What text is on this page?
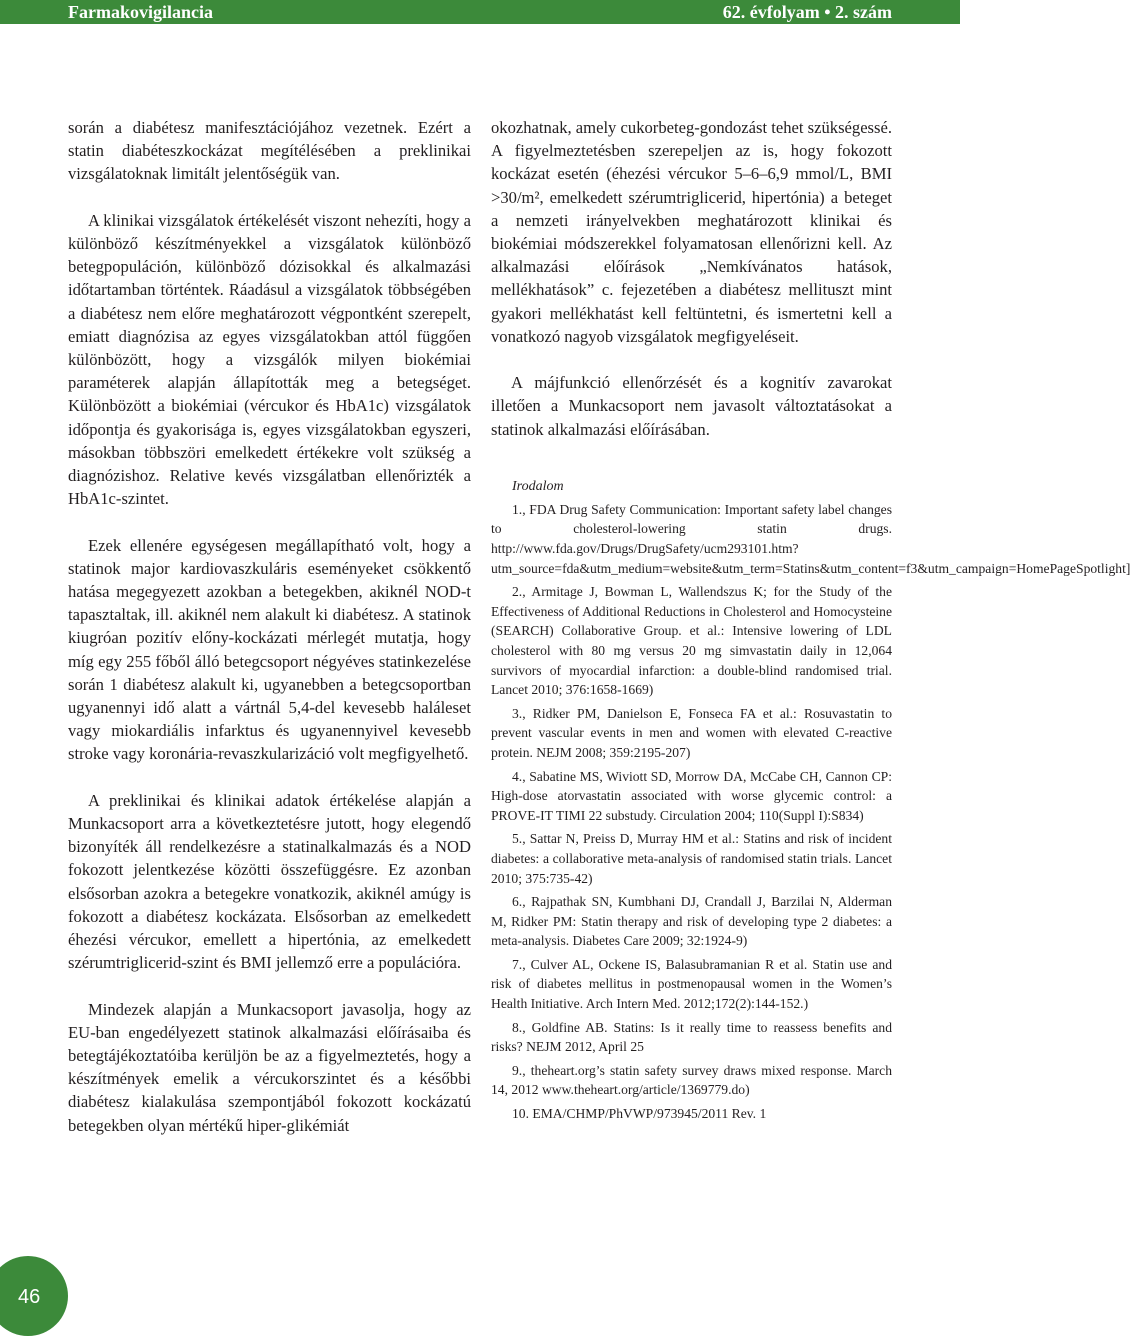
Farmakovigilancia	62. évfolyam • 2. szám

során a diabétesz manifesztációjához vezetnek. Ezért a statin diabéteszkockázat megítélésében a preklinikai vizsgálatoknak limitált jelentőségük van.

A klinikai vizsgálatok értékelését viszont nehezíti, hogy a különböző készítményekkel a vizsgálatok különböző betegpopuláción, különböző dózisokkal és alkalmazási időtartamban történtek. Ráadásul a vizsgálatok többségében a diabétesz nem előre meghatározott végpontként szerepelt, emiatt diagnózisa az egyes vizsgálatokban attól függően különbözött, hogy a vizsgálók milyen biokémiai paraméterek alapján állapították meg a betegséget. Különbözött a biokémiai (vércukor és HbA1c) vizsgálatok időpontja és gyakorisága is, egyes vizsgálatokban egyszeri, másokban többszöri emelkedett értékekre volt szükség a diagnózishoz. Relative kevés vizsgálatban ellenőrizték a HbA1c-szintet.

Ezek ellenére egységesen megállapítható volt, hogy a statinok major kardiovaszkuláris eseményeket csökkentő hatása megegyezett azokban a betegekben, akiknél NOD-t tapasztaltak, ill. akiknél nem alakult ki diabétesz. A statinok kiugróan pozitív előny-kockázati mérlegét mutatja, hogy míg egy 255 főből álló betegcsoport négyéves statinkezelése során 1 diabétesz alakult ki, ugyanebben a betegcsoportban ugyanennyi idő alatt a vártnál 5,4-del kevesebb haláleset vagy miokardiális infarktus és ugyanennyivel kevesebb stroke vagy koronária-revaszkularizáció volt megfigyelhető.

A preklinikai és klinikai adatok értékelése alapján a Munkacsoport arra a következtetésre jutott, hogy elegendő bizonyíték áll rendelkezésre a statinalkalmazás és a NOD fokozott jelentkezése közötti összefüggésre. Ez azonban elsősorban azokra a betegekre vonatkozik, akiknél amúgy is fokozott a diabétesz kockázata. Elsősorban az emelkedett éhezési vércukor, emellett a hipertónia, az emelkedett szérumtriglicerid-szint és BMI jellemző erre a populációra.

Mindezek alapján a Munkacsoport javasolja, hogy az EU-ban engedélyezett statinok alkalmazási előírásaiba és betegtájékoztatóiba kerüljön be az a figyelmeztetés, hogy a készítmények emelik a vércukorszintet és a későbbi diabétesz kialakulása szempontjából fokozott kockázatú betegekben olyan mértékű hiper-glikémiát

okozhatnak, amely cukorbeteg-gondozást tehet szükségessé. A figyelmeztetésben szerepeljen az is, hogy fokozott kockázat esetén (éhezési vércukor 5–6–6,9 mmol/L, BMI >30/m², emelkedett szérumtriglicerid, hipertónia) a beteget a nemzeti irányelvekben meghatározott klinikai és biokémiai módszerekkel folyamatosan ellenőrizni kell. Az alkalmazási előírások „Nemkívánatos hatások, mellékhatások” c. fejezetében a diabétesz mellituszt mint gyakori mellékhatást kell feltüntetni, és ismertetni kell a vonatkozó nagyob vizsgálatok megfigyeléseit.

A májfunkció ellenőrzését és a kognitív zavarokat illetően a Munkacsoport nem javasolt változtatásokat a statinok alkalmazási előírásában.

Irodalom
1., FDA Drug Safety Communication: Important safety label changes to cholesterol-lowering statin drugs. http://www.fda.gov/Drugs/DrugSafety/ucm293101.htm?utm_source=fda&utm_medium=website&utm_term=Statins&utm_content=f3&utm_campaign=HomePageSpotlight]
2., Armitage J, Bowman L, Wallendszus K; for the Study of the Effectiveness of Additional Reductions in Cholesterol and Homocysteine (SEARCH) Collaborative Group. et al.: Intensive lowering of LDL cholesterol with 80 mg versus 20 mg simvastatin daily in 12,064 survivors of myocardial infarction: a double-blind randomised trial. Lancet 2010; 376:1658-1669)
3., Ridker PM, Danielson E, Fonseca FA et al.: Rosuvastatin to prevent vascular events in men and women with elevated C-reactive protein. NEJM 2008; 359:2195-207)
4., Sabatine MS, Wiviott SD, Morrow DA, McCabe CH, Cannon CP: High-dose atorvastatin associated with worse glycemic control: a PROVE-IT TIMI 22 substudy. Circulation 2004; 110(Suppl I):S834)
5., Sattar N, Preiss D, Murray HM et al.: Statins and risk of incident diabetes: a collaborative meta-analysis of randomised statin trials. Lancet 2010; 375:735-42)
6., Rajpathak SN, Kumbhani DJ, Crandall J, Barzilai N, Alderman M, Ridker PM: Statin therapy and risk of developing type 2 diabetes: a meta-analysis. Diabetes Care 2009; 32:1924-9)
7., Culver AL, Ockene IS, Balasubramanian R et al. Statin use and risk of diabetes mellitus in postmenopausal women in the Women’s Health Initiative. Arch Intern Med. 2012;172(2):144-152.)
8., Goldfine AB. Statins: Is it really time to reassess benefits and risks? NEJM 2012, April 25
9., theheart.org’s statin safety survey draws mixed response. March 14, 2012 www.theheart.org/article/1369779.do)
10. EMA/CHMP/PhVWP/973945/2011 Rev. 1
46
